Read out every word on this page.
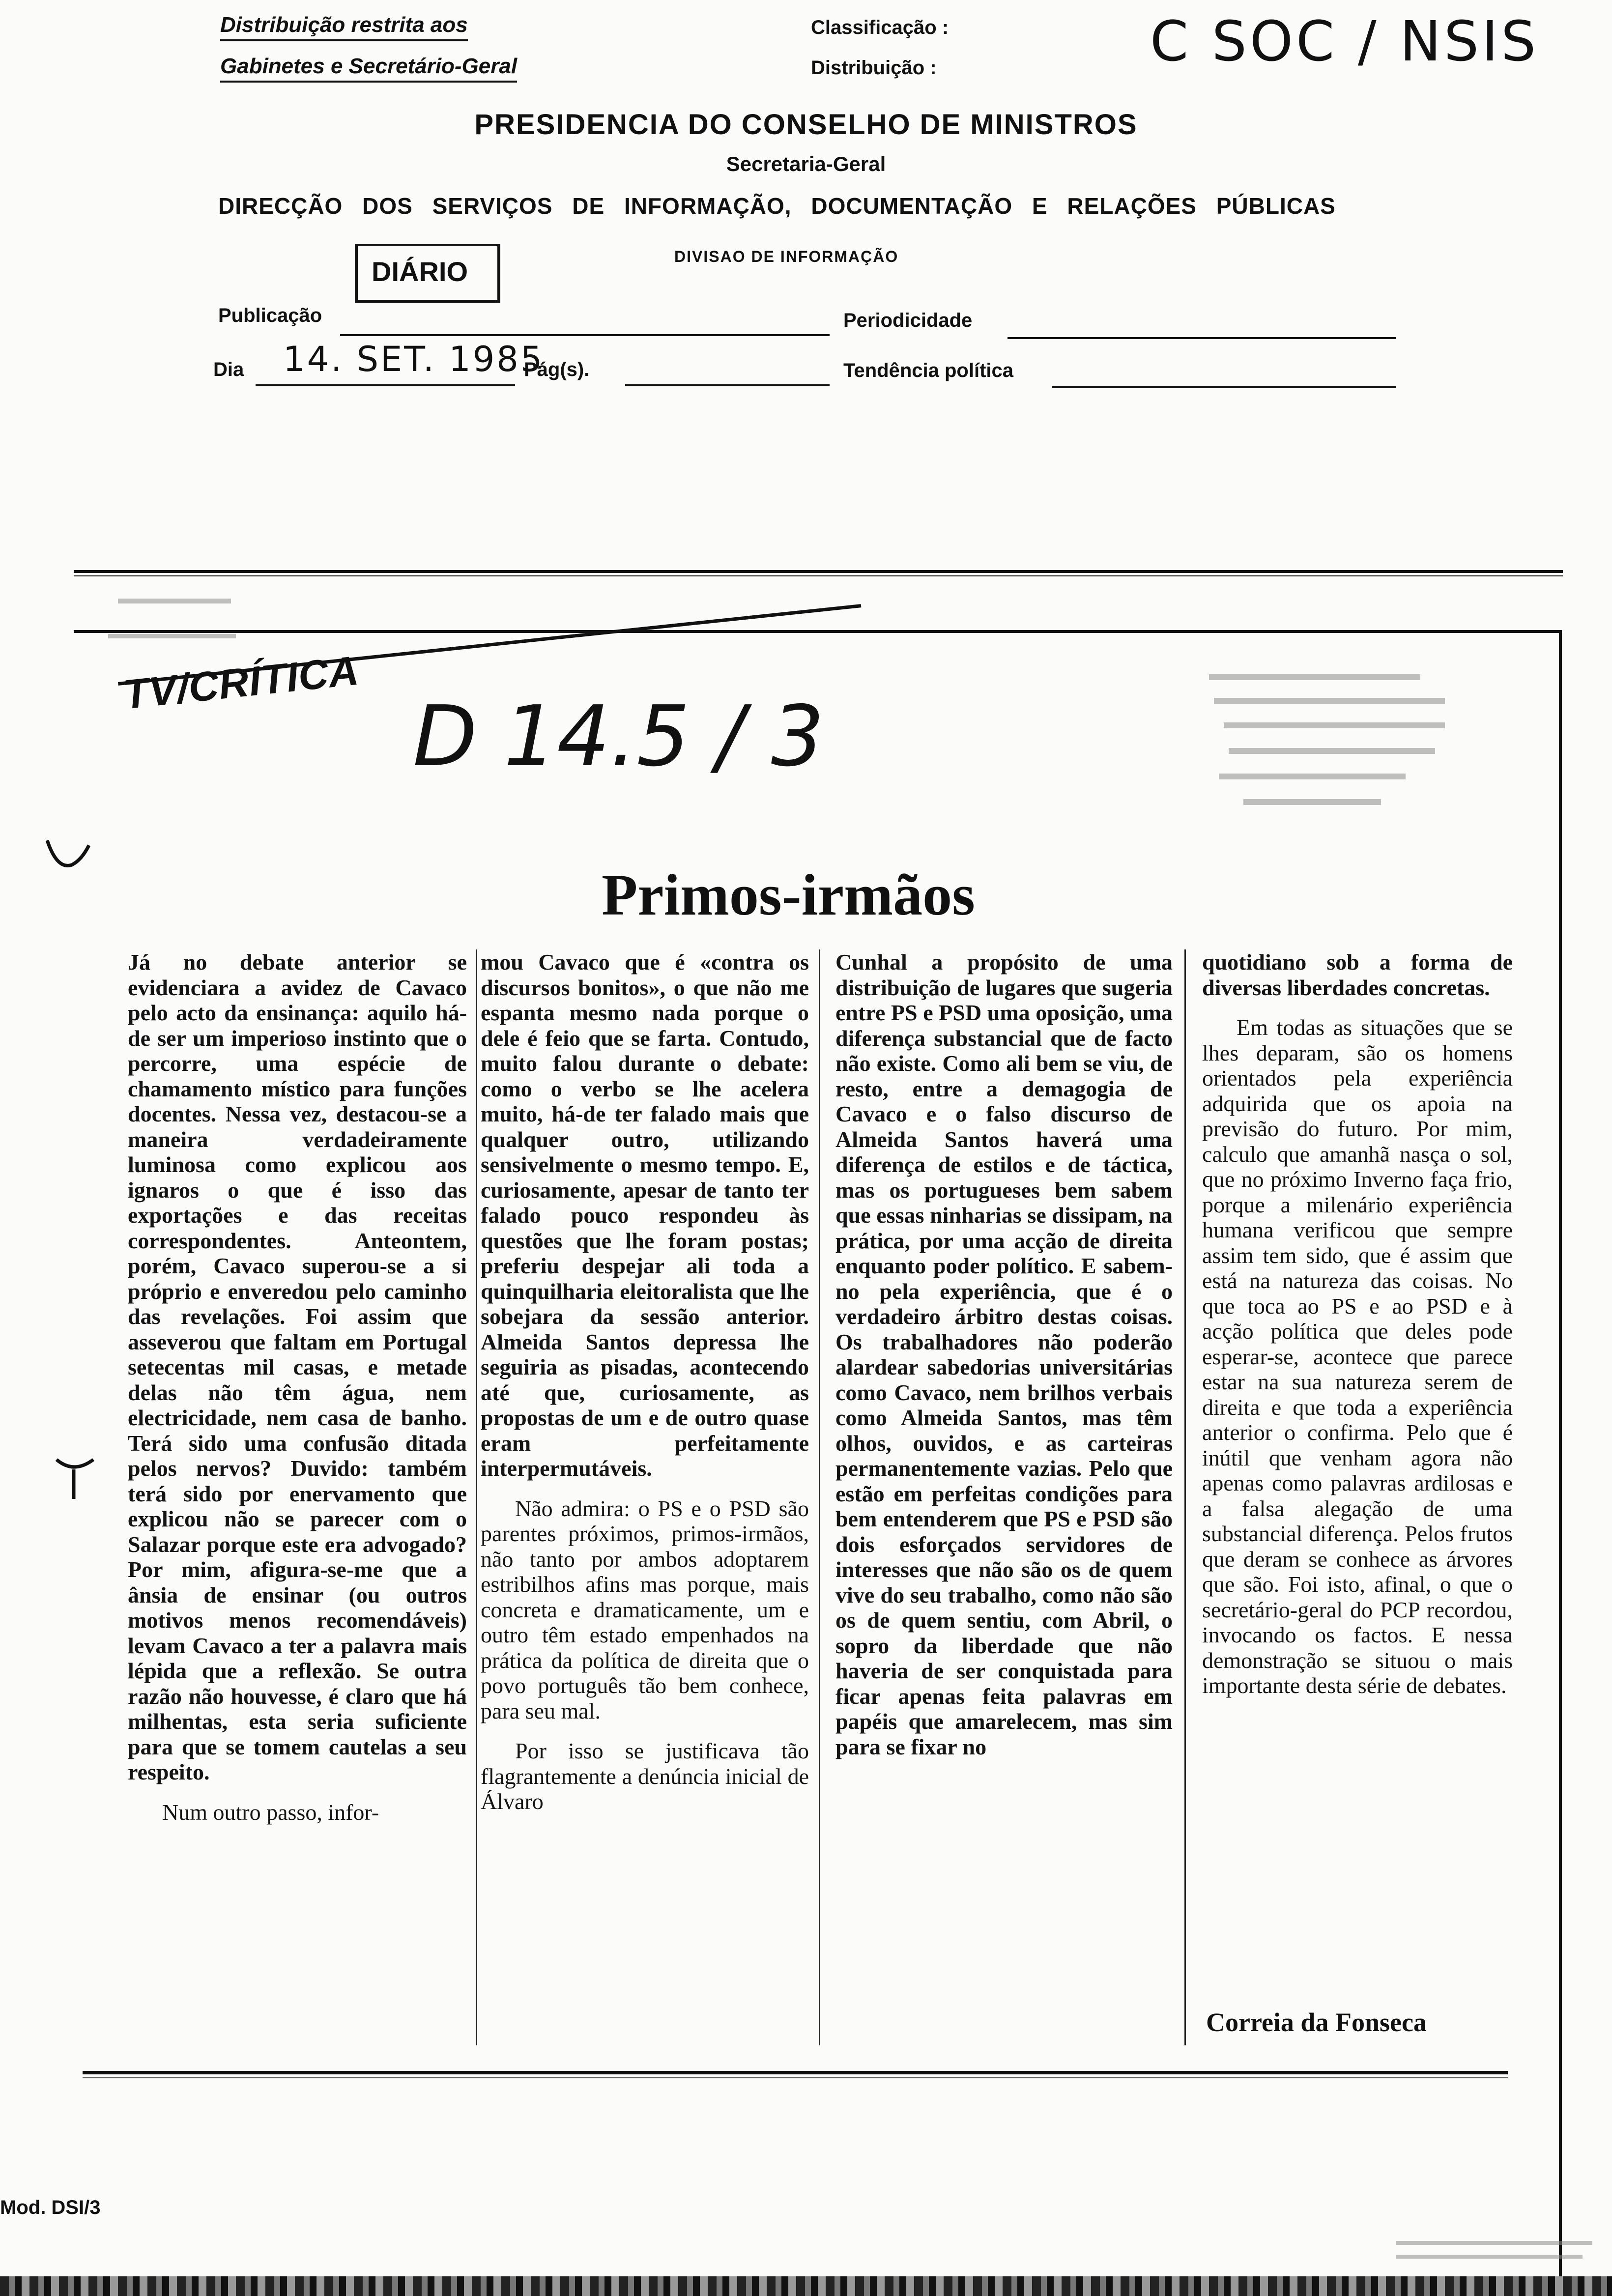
Distribuição restrita aos
Gabinetes e Secretário-Geral
Classificação :
Distribuição :	C SOC / NSIS
PRESIDENCIA DO CONSELHO DE MINISTROS
Secretaria-Geral
DIRECÇÃO DOS SERVIÇOS DE INFORMAÇÃO, DOCUMENTAÇÃO E RELAÇÕES PÚBLICAS
DIVISAO DE INFORMAÇÃO
DIÁRIO
Publicação	Periodicidade
Dia 14. SET. 1985
Pág(s).	Tendência política
TV/CRÍTICA
D 14.5 / 3
Primos-irmãos

Já no debate anterior se evidenciara a avidez de Cavaco pelo acto da ensinança: aquilo há-de ser um imperioso instinto que o percorre, uma espécie de chamamento místico para funções docentes. Nessa vez, destacou-se a maneira verdadeiramente luminosa como explicou aos ignaros o que é isso das exportações e das receitas correspondentes. Anteontem, porém, Cavaco superou-se a si próprio e enveredou pelo caminho das revelações. Foi assim que asseverou que faltam em Portugal setecentas mil casas, e metade delas não têm água, nem electricidade, nem casa de banho. Terá sido uma confusão ditada pelos nervos? Duvido: também terá sido por enervamento que explicou não se parecer com o Salazar porque este era advogado? Por mim, afigura-se-me que a ânsia de ensinar (ou outros motivos menos recomendáveis) levam Cavaco a ter a palavra mais lépida que a reflexão. Se outra razão não houvesse, é claro que há milhentas, esta seria suficiente para que se tomem cautelas a seu respeito.

Num outro passo, infor-

mou Cavaco que é «contra os discursos bonitos», o que não me espanta mesmo nada porque o dele é feio que se farta. Contudo, muito falou durante o debate: como o verbo se lhe acelera muito, há-de ter falado mais que qualquer outro, utilizando sensivelmente o mesmo tempo. E, curiosamente, apesar de tanto ter falado pouco respondeu às questões que lhe foram postas; preferiu despejar ali toda a quinquilharia eleitoralista que lhe sobejara da sessão anterior. Almeida Santos depressa lhe seguiria as pisadas, acontecendo até que, curiosamente, as propostas de um e de outro quase eram perfeitamente interpermutáveis.

Não admira: o PS e o PSD são parentes próximos, primos-irmãos, não tanto por ambos adoptarem estribilhos afins mas porque, mais concreta e dramaticamente, um e outro têm estado empenhados na prática da política de direita que o povo português tão bem conhece, para seu mal.

Por isso se justificava tão flagrantemente a denúncia inicial de Álvaro

Cunhal a propósito de uma distribuição de lugares que sugeria entre PS e PSD uma oposição, uma diferença substancial que de facto não existe. Como ali bem se viu, de resto, entre a demagogia de Cavaco e o falso discurso de Almeida Santos haverá uma diferença de estilos e de táctica, mas os portugueses bem sabem que essas ninharias se dissipam, na prática, por uma acção de direita enquanto poder político. E sabem-no pela experiência, que é o verdadeiro árbitro destas coisas. Os trabalhadores não poderão alardear sabedorias universitárias como Cavaco, nem brilhos verbais como Almeida Santos, mas têm olhos, ouvidos, e as carteiras permanentemente vazias. Pelo que estão em perfeitas condições para bem entenderem que PS e PSD são dois esforçados servidores de interesses que não são os de quem vive do seu trabalho, como não são os de quem sentiu, com Abril, o sopro da liberdade que não haveria de ser conquistada para ficar apenas feita palavras em papéis que amarelecem, mas sim para se fixar no

quotidiano sob a forma de diversas liberdades concretas.

Em todas as situações que se lhes deparam, são os homens orientados pela experiência adquirida que os apoia na previsão do futuro. Por mim, calculo que amanhã nasça o sol, que no próximo Inverno faça frio, porque a milenário experiência humana verificou que sempre assim tem sido, que é assim que está na natureza das coisas. No que toca ao PS e ao PSD e à acção política que deles pode esperar-se, acontece que parece estar na sua natureza serem de direita e que toda a experiência anterior o confirma. Pelo que é inútil que venham agora não apenas como palavras ardilosas e a falsa alegação de uma substancial diferença. Pelos frutos que deram se conhece as árvores que são. Foi isto, afinal, o que o secretário-geral do PCP recordou, invocando os factos. E nessa demonstração se situou o mais importante desta série de debates.

Correia da Fonseca
Mod. DSI/3
